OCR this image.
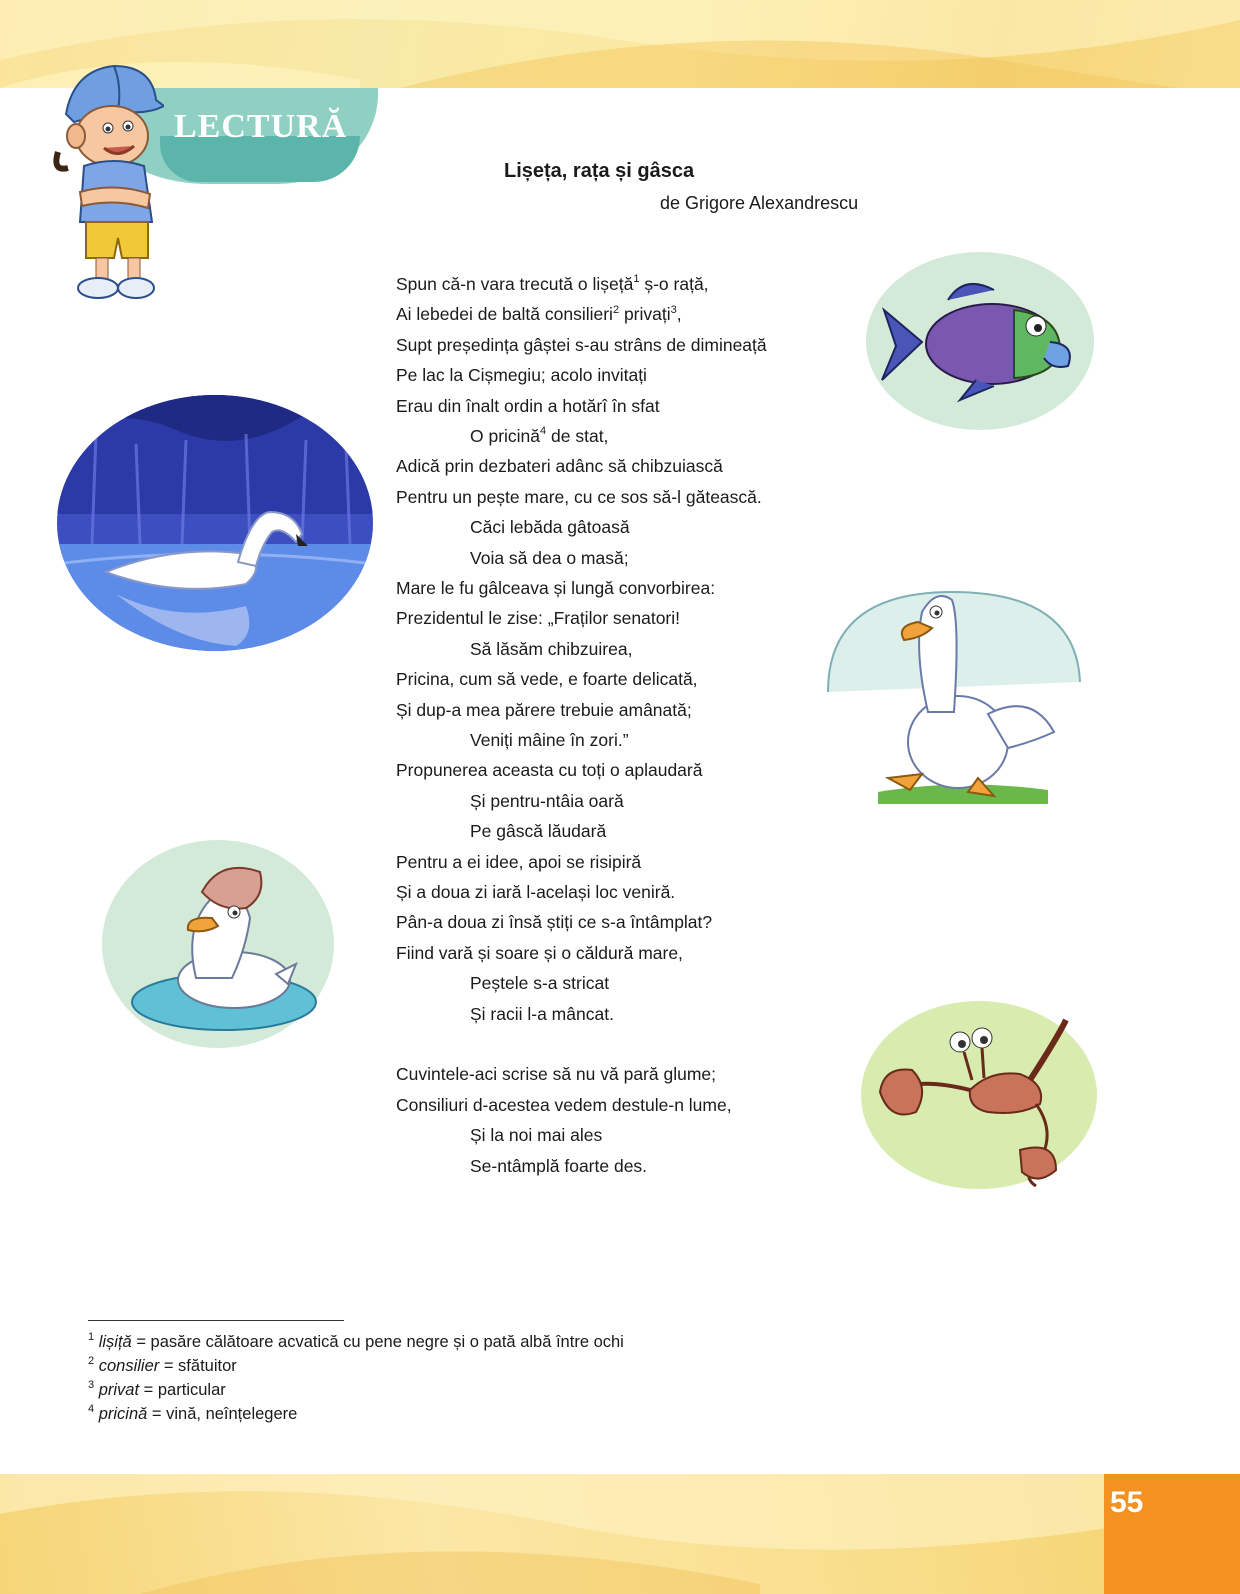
LECTURĂ
Lișeța, rața și gâsca
de Grigore Alexandrescu
Spun că-n vara trecută o lișeță$^1$ ș-o rață,
Ai lebedei de baltă consilieri$^2$ privați$^3$,
Supt președința gâștei s-au strâns de dimineață
Pe lac la Cișmegiu; acolo invitați
Erau din înalt ordin a hotărî în sfat
O pricină$^4$ de stat,
Adică prin dezbateri adânc să chibzuiască
Pentru un pește mare, cu ce sos să-l gătească.
Căci lebăda gâtoasă
Voia să dea o masă;
Mare le fu gâlceava și lungă convorbirea:
Prezidentul le zise: „Fraților senatori!
Să lăsăm chibzuirea,
Pricina, cum să vede, e foarte delicată,
Și dup-a mea părere trebuie amânată;
Veniți mâine în zori.”
Propunerea aceasta cu toți o aplaudară
Și pentru-ntâia oară
Pe gâscă lăudară
Pentru a ei idee, apoi se risipiră
Și a doua zi iară l-același loc veniră.
Pân-a doua zi însă știți ce s-a întâmplat?
Fiind vară și soare și o căldură mare,
Peștele s-a stricat
Și racii l-a mâncat.
Cuvintele-aci scrise să nu vă pară glume;
Consiliuri d-acestea vedem destule-n lume,
Și la noi mai ales
Se-ntâmplă foarte des.
$^1$ lișiță = pasăre călătoare acvatică cu pene negre și o pată albă între ochi
$^2$ consilier = sfătuitor
$^3$ privat = particular
$^4$ pricină = vină, neînțelegere
55
